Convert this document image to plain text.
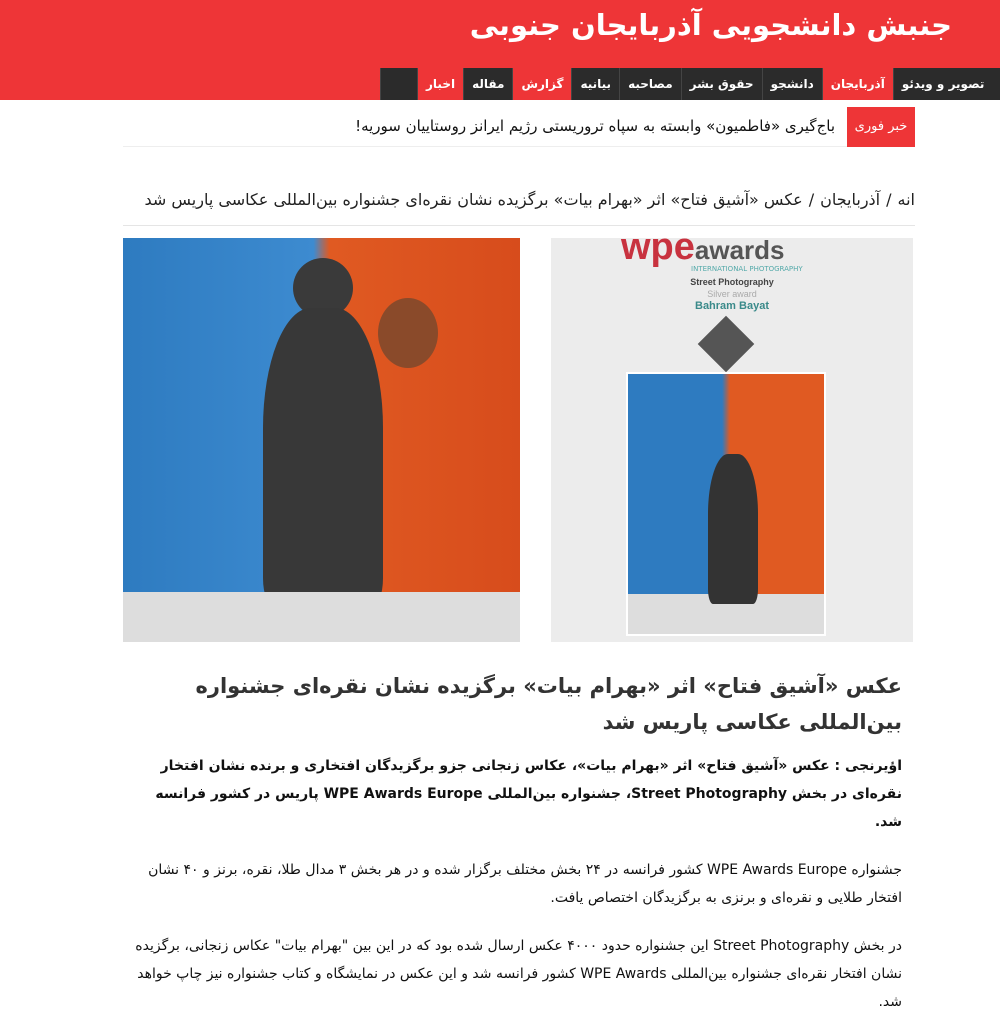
جنبش دانشجویی آذربایجان جنوبی
اخبار	مقاله	گزارش	بیانیه	مصاحبه	حقوق بشر	دانشجو	آذربایجان	تصویر و ویدئو
خبر فوری
باج‌گیری «فاطمیون» وابسته به سپاه تروریستی رژیم ایرانز روستاییان سوریه!
انه/آذربایجان/عکس «آشیق فتاح» اثر «بهرام بیات» برگزیده نشان نقره‌ای جشنواره بین‌المللی عکاسی پاریس شد
wpeawards
INTERNATIONAL PHOTOGRAPHY
Street Photography
Silver award
Bahram Bayat
عکس «آشیق فتاح» اثر «بهرام بیات» برگزیده نشان نقره‌ای جشنواره بین‌المللی عکاسی پاریس شد
اؤیرنجی : عکس «آشیق فتاح» اثر «بهرام بیات»، عکاس زنجانی جزو برگزیدگان افتخاری و برنده نشان افتخار نقره‌ای در بخش Street Photography، جشنواره بین‌المللی WPE Awards Europe پاریس در کشور فرانسه شد.
جشنواره WPE Awards Europe کشور فرانسه در ۲۴ بخش مختلف برگزار شده و در هر بخش ۳ مدال طلا، نقره، برنز و ۴۰ نشان افتخار طلایی و نقره‌ای و برنزی به برگزیدگان اختصاص یافت.
در بخش Street Photography این جشنواره حدود ۴۰۰۰ عکس ارسال شده بود که در این بین "بهرام بیات" عکاس زنجانی، برگزیده نشان افتخار نقره‌ای جشنواره بین‌المللی WPE Awards کشور فرانسه شد و این عکس در نمایشگاه و کتاب جشنواره نیز چاپ خواهد شد.
